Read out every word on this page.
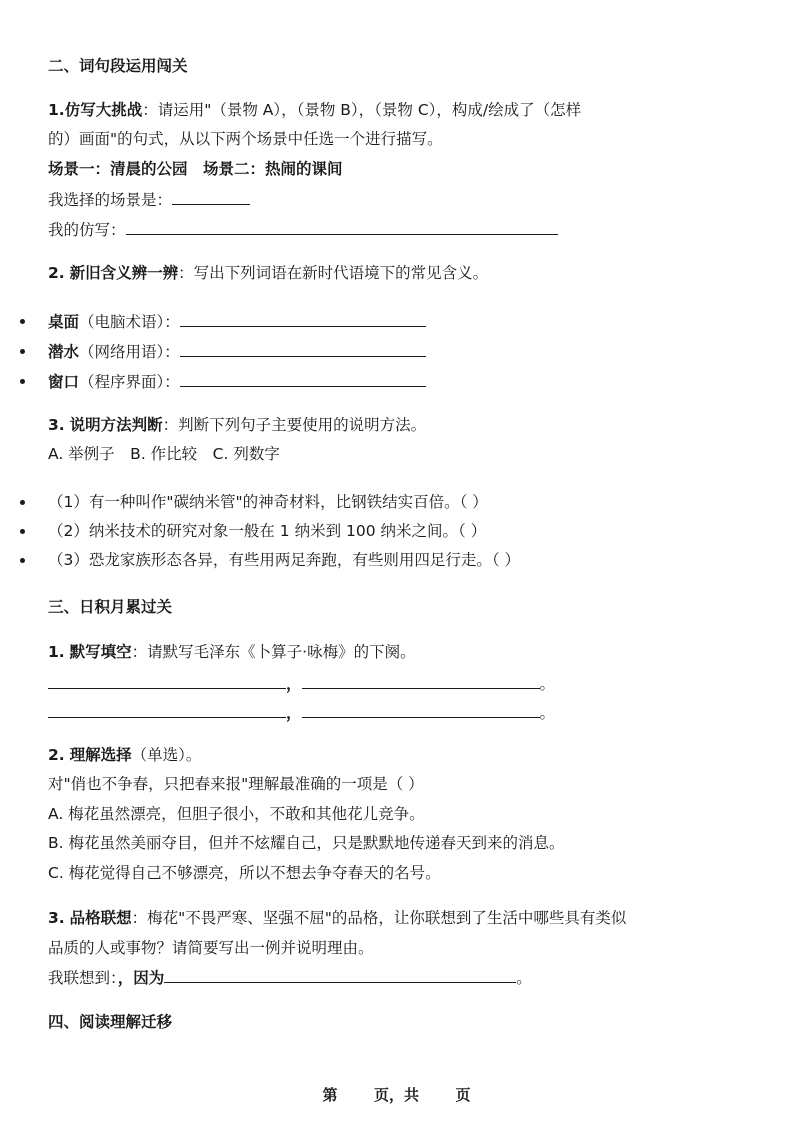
二、词句段运用闯关
1.仿写大挑战：请运用"（景物 A），（景物 B），（景物 C），构成/绘成了（怎样
的）画面"的句式，从以下两个场景中任选一个进行描写。
场景一：清晨的公园　场景二：热闹的课间
我选择的场景是：
我的仿写：
2. 新旧含义辨一辨：写出下列词语在新时代语境下的常见含义。
桌面（电脑术语）：
潜水（网络用语）：
窗口（程序界面）：
3. 说明方法判断：判断下列句子主要使用的说明方法。
A. 举例子　B. 作比较　C. 列数字
（1）有一种叫作"碳纳米管"的神奇材料，比钢铁结实百倍。（ ）
（2）纳米技术的研究对象一般在 1 纳米到 100 纳米之间。（ ）
（3）恐龙家族形态各异，有些用两足奔跑，有些则用四足行走。（ ）
三、日积月累过关
1. 默写填空：请默写毛泽东《卜算子·咏梅》的下阕。
，	。
，	。
2. 理解选择（单选）。
对"俏也不争春，只把春来报"理解最准确的一项是（ ）
A. 梅花虽然漂亮，但胆子很小，不敢和其他花儿竞争。
B. 梅花虽然美丽夺目，但并不炫耀自己，只是默默地传递春天到来的消息。
C. 梅花觉得自己不够漂亮，所以不想去争夺春天的名号。
3. 品格联想：梅花"不畏严寒、坚强不屈"的品格，让你联想到了生活中哪些具有类似
品质的人或事物？请简要写出一例并说明理由。
我联想到：，因为	。
四、阅读理解迁移
第 页，共 页
